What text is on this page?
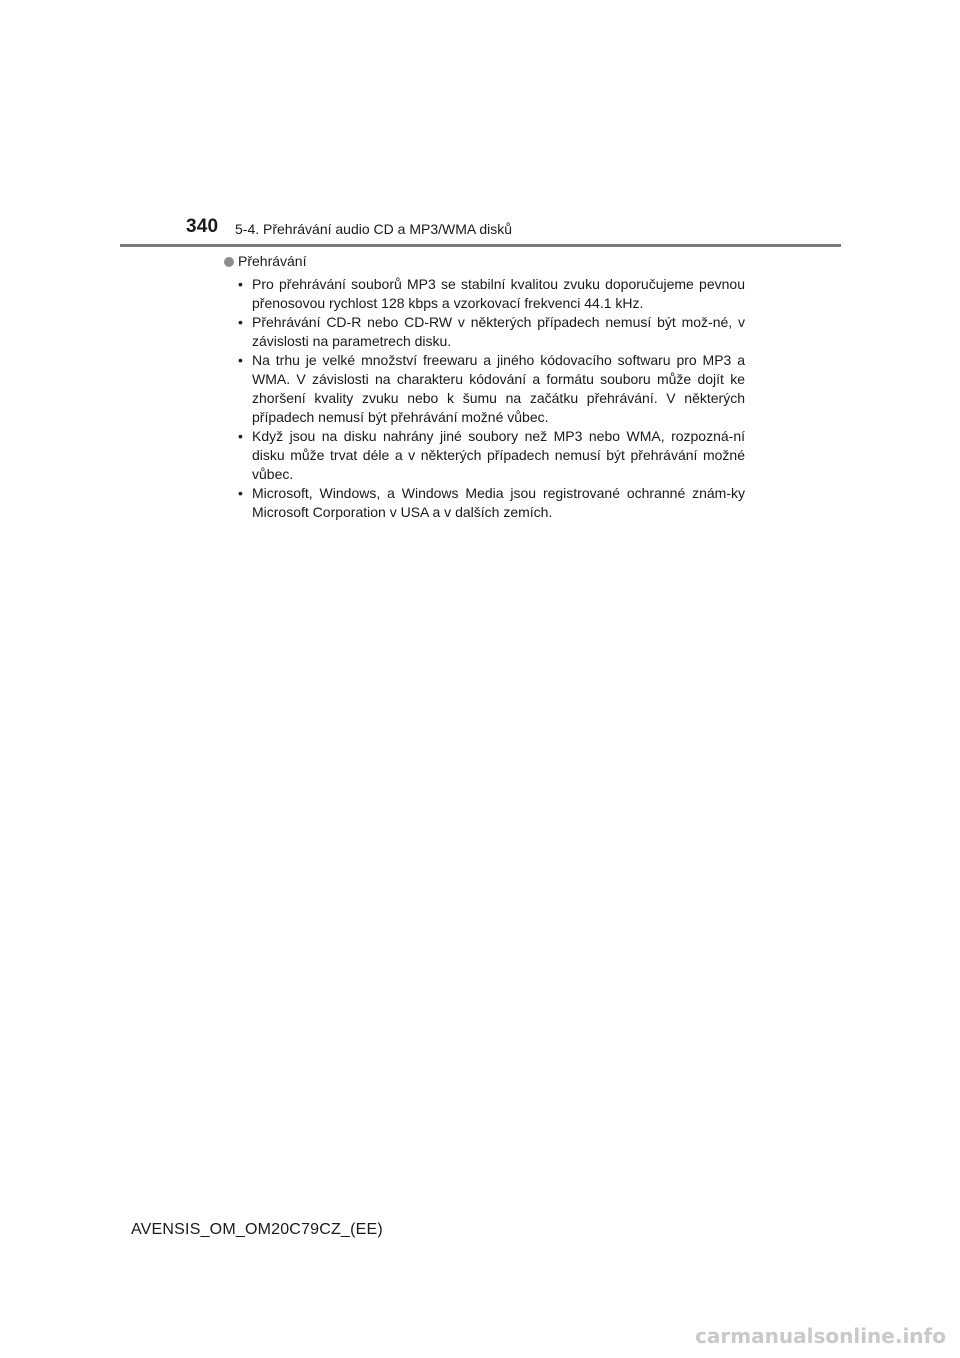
340 5-4. Přehrávání audio CD a MP3/WMA disků
Přehrávání
• Pro přehrávání souborů MP3 se stabilní kvalitou zvuku doporučujeme pevnou přenosovou rychlost 128 kbps a vzorkovací frekvenci 44.1 kHz.
• Přehrávání CD-R nebo CD-RW v některých případech nemusí být mož-né, v závislosti na parametrech disku.
• Na trhu je velké množství freewaru a jiného kódovacího softwaru pro MP3 a WMA. V závislosti na charakteru kódování a formátu souboru může dojít ke zhoršení kvality zvuku nebo k šumu na začátku přehrávání. V některých případech nemusí být přehrávání možné vůbec.
• Když jsou na disku nahrány jiné soubory než MP3 nebo WMA, rozpozná-ní disku může trvat déle a v některých případech nemusí být přehrávání možné vůbec.
• Microsoft, Windows, a Windows Media jsou registrované ochranné znám-ky Microsoft Corporation v USA a v dalších zemích.
AVENSIS_OM_OM20C79CZ_(EE)
carmanualsonline.info
